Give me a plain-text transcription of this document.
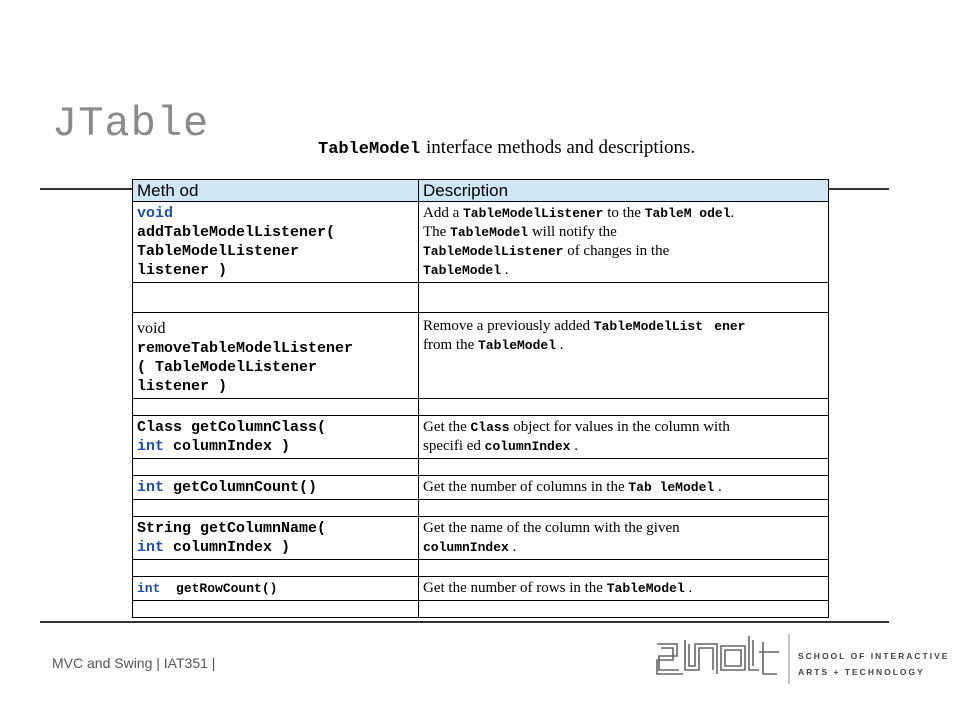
JTable
TableModel interface methods and descriptions.
Meth od	Description
void
addTableModelListener(
TableModelListener
listener )	Add a TableModelListener to the TableM odel.
The TableModel will notify the
TableModelListener of changes in the
TableModel .

void
removeTableModelListener
( TableModelListener
listener )	Remove a previously added TableModelList ener
from the TableModel .

Class getColumnClass(
int columnIndex )	Get the Class object for values in the column with
specifi ed columnIndex .

int getColumnCount()	Get the number of columns in the Tab leModel .

String getColumnName(
int columnIndex )	Get the name of the column with the given
columnIndex .

int getRowCount()	Get the number of rows in the TableModel .

MVC and Swing | IAT351 |	SCHOOL OF INTERACTIVE
ARTS + TECHNOLOGY
